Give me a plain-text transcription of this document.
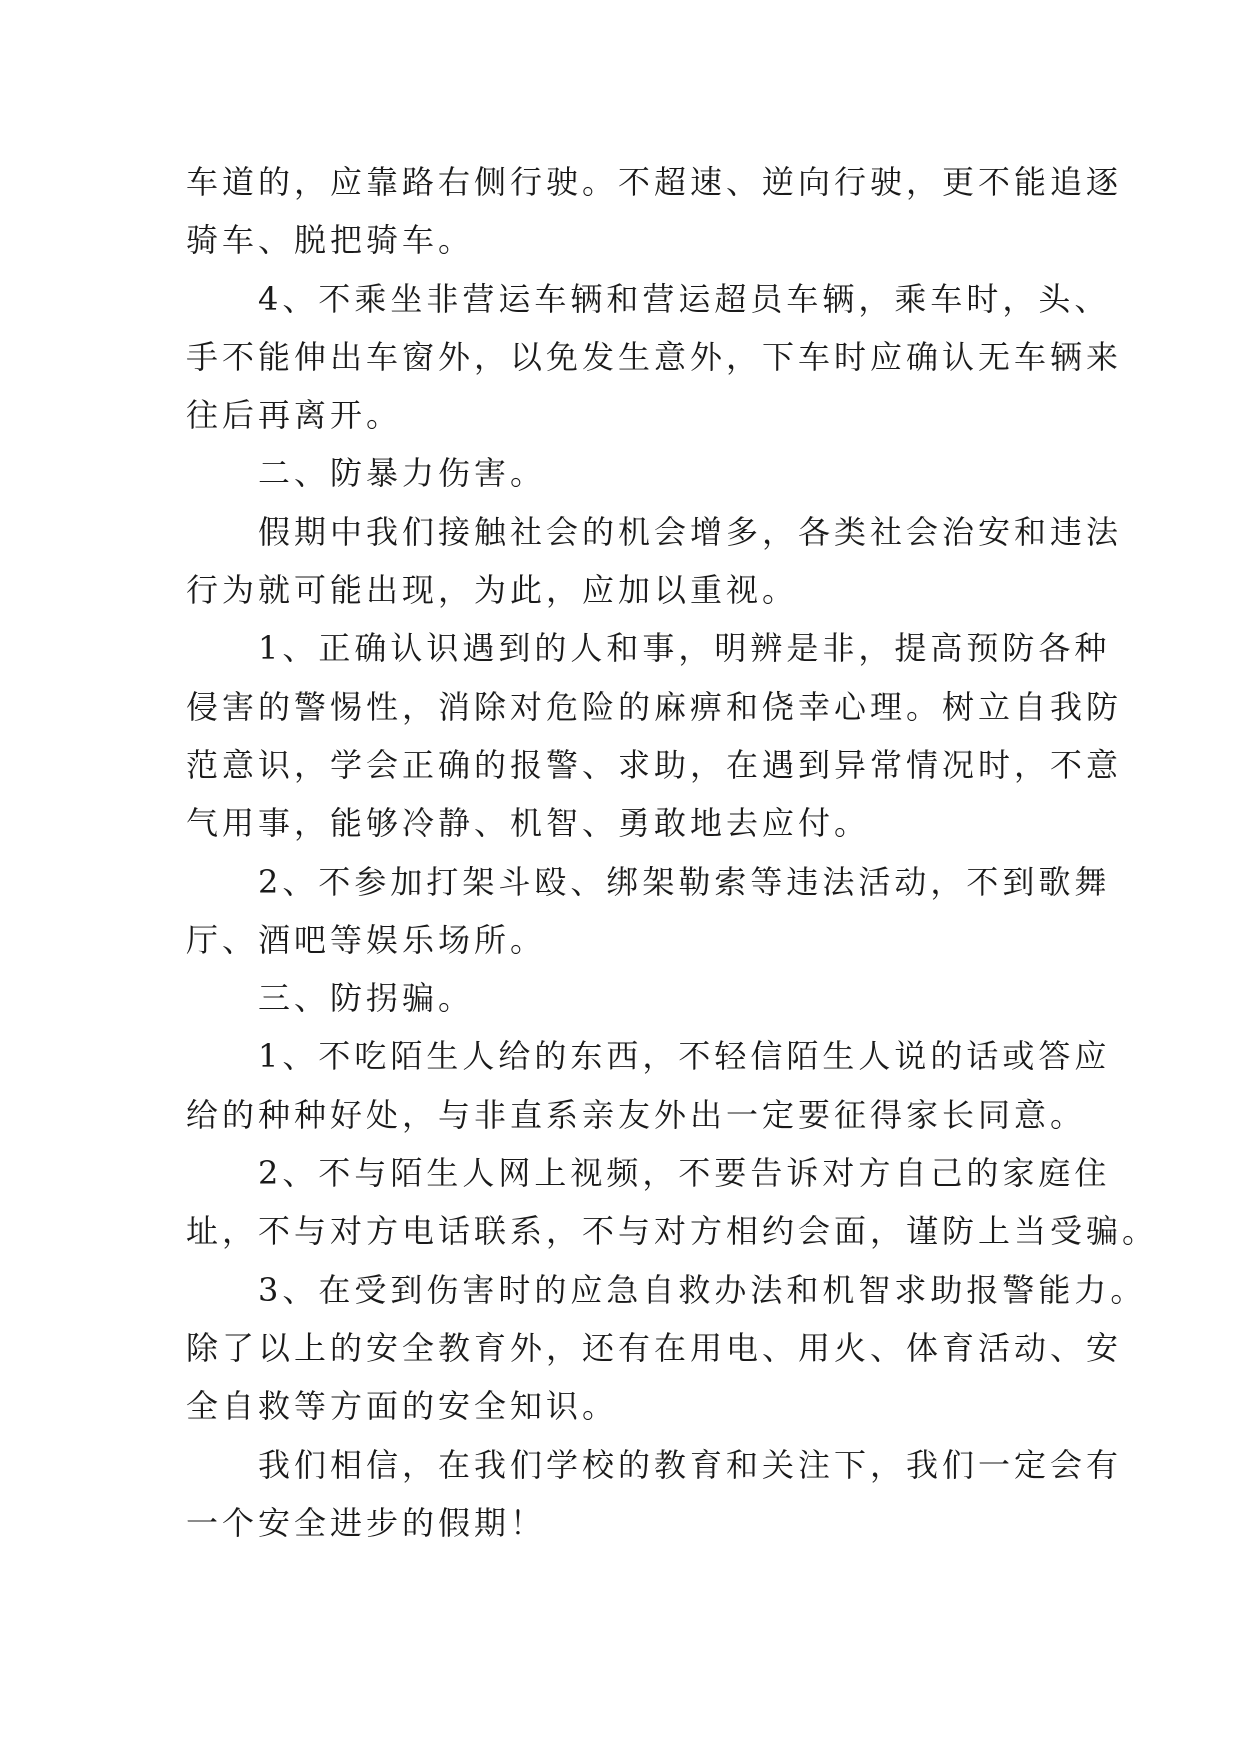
车道的，应靠路右侧行驶。不超速、逆向行驶，更不能追逐
骑车、脱把骑车。
4、不乘坐非营运车辆和营运超员车辆，乘车时，头、
手不能伸出车窗外，以免发生意外，下车时应确认无车辆来
往后再离开。
二、防暴力伤害。
假期中我们接触社会的机会增多，各类社会治安和违法
行为就可能出现，为此，应加以重视。
1、正确认识遇到的人和事，明辨是非，提高预防各种
侵害的警惕性，消除对危险的麻痹和侥幸心理。树立自我防
范意识，学会正确的报警、求助，在遇到异常情况时，不意
气用事，能够冷静、机智、勇敢地去应付。
2、不参加打架斗殴、绑架勒索等违法活动，不到歌舞
厅、酒吧等娱乐场所。
三、防拐骗。
1、不吃陌生人给的东西，不轻信陌生人说的话或答应
给的种种好处，与非直系亲友外出一定要征得家长同意。
2、不与陌生人网上视频，不要告诉对方自己的家庭住
址，不与对方电话联系，不与对方相约会面，谨防上当受骗。
3、在受到伤害时的应急自救办法和机智求助报警能力。
除了以上的安全教育外，还有在用电、用火、体育活动、安
全自救等方面的安全知识。
我们相信，在我们学校的教育和关注下，我们一定会有
一个安全进步的假期！
